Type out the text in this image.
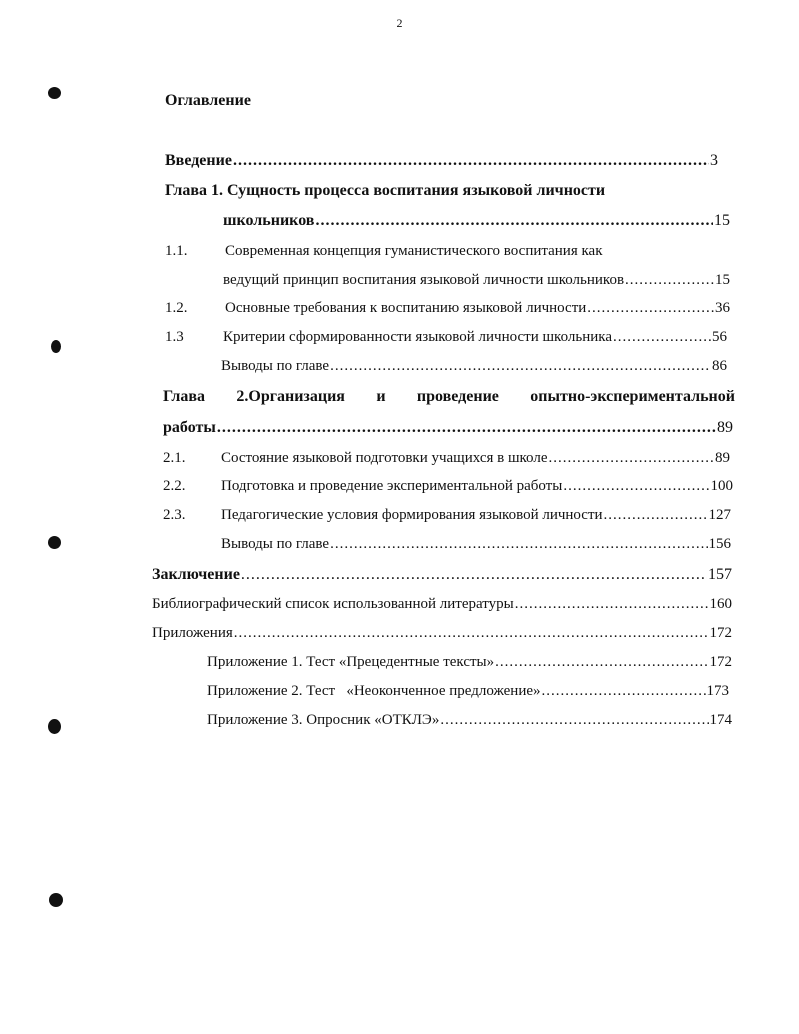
2
Оглавление
Введение .....	3
Глава 1. Сущность процесса воспитания языковой личности
школьников .....	15
1.1.	Современная концепция гуманистического воспитания как
ведущий принцип воспитания языковой личности школьников .....	15
1.2.	Основные требования к воспитанию языковой личности .....	36
1.3	Критерии сформированности языковой личности школьника .....	56
Выводы по главе .....	86
Глава 2.Организация и проведение опытно-экспериментальной
работы .....	89
2.1. Состояние языковой подготовки учащихся в школе .....	89
2.2. Подготовка и проведение экспериментальной работы .....	100
2.3. Педагогические условия формирования языковой личности .....	127
Выводы по главе .....	156
Заключение .....	157
Библиографический список использованной литературы .....	160
Приложения .....	172
Приложение 1. Тест «Прецедентные тексты» .....	172
Приложение 2. Тест   «Неоконченное предложение» .....	173
Приложение 3. Опросник «ОТКЛЭ» .....	174
